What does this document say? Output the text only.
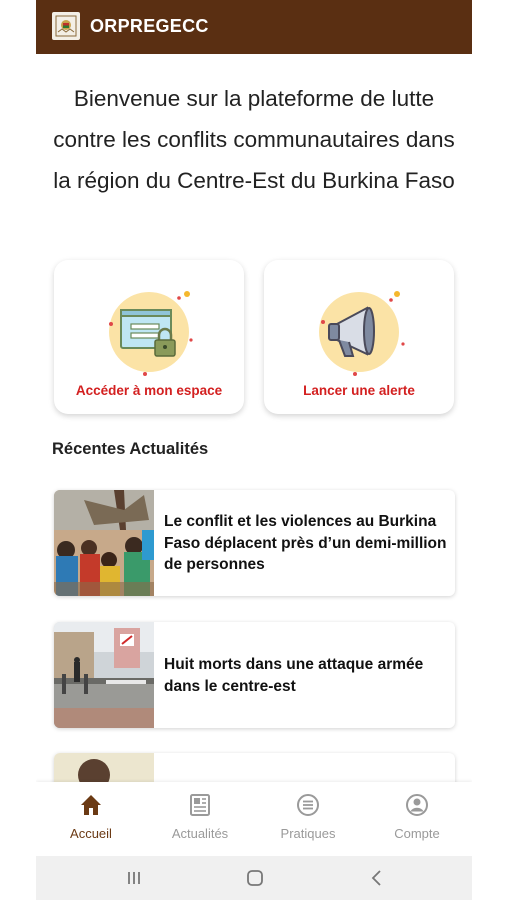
ORPREGECC
Bienvenue sur la plateforme de lutte contre les conflits communautaires dans la région du Centre-Est du Burkina Faso
Accéder à mon espace	Lancer une alerte
Récentes Actualités
Le conflit et les violences au Burkina Faso déplacent près d’un demi-million de personnes
Huit morts dans une attaque armée dans le centre-est
Accueil	Actualités	Pratiques	Compte
